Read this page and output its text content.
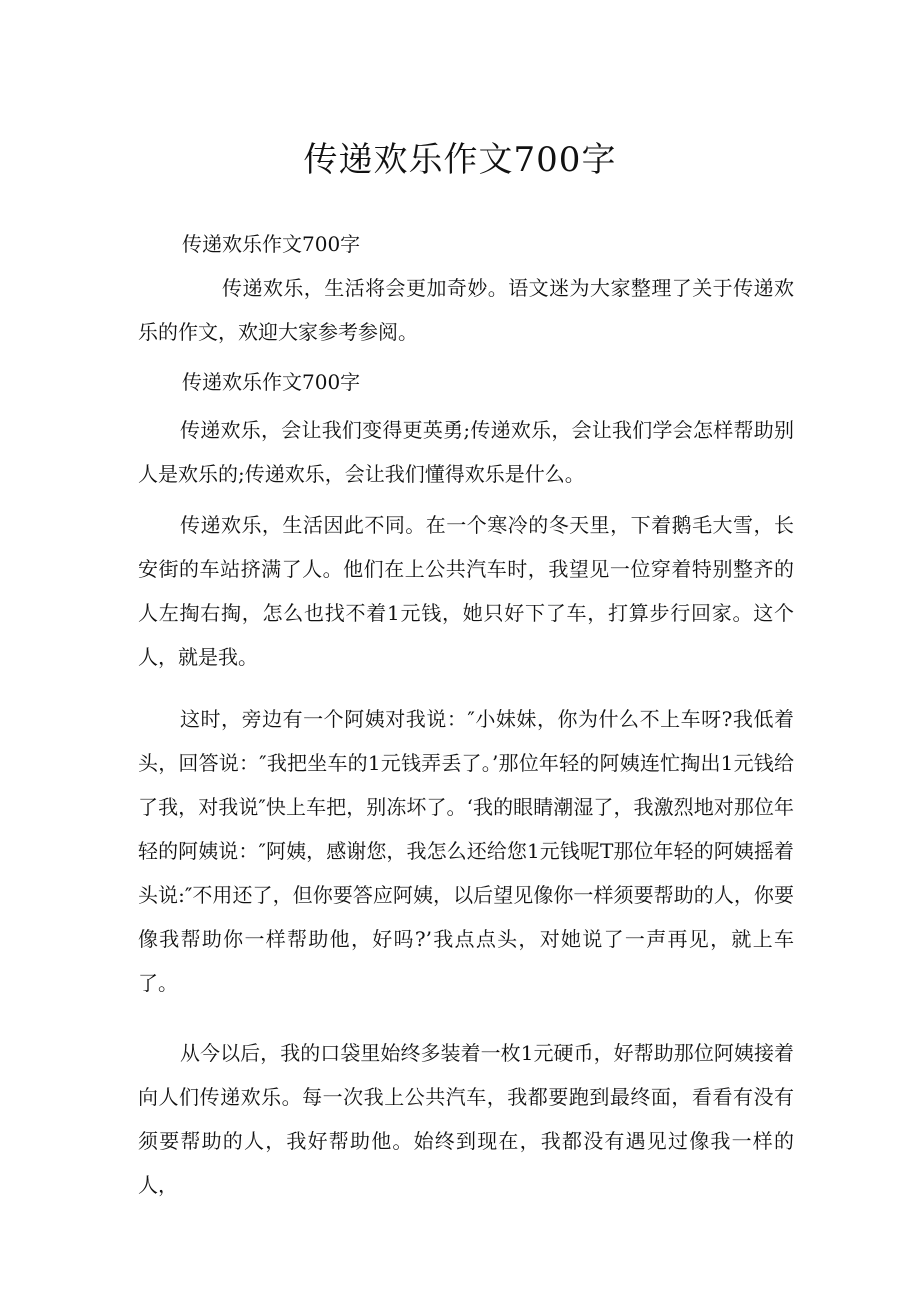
传递欢乐作文700字

传递欢乐作文700字

传递欢乐，生活将会更加奇妙。语文迷为大家整理了关于传递欢乐的作文，欢迎大家参考参阅。

传递欢乐作文700字

传递欢乐，会让我们变得更英勇;传递欢乐，会让我们学会怎样帮助别人是欢乐的;传递欢乐，会让我们懂得欢乐是什么。

传递欢乐，生活因此不同。在一个寒冷的冬天里，下着鹅毛大雪，长安街的车站挤满了人。他们在上公共汽车时，我望见一位穿着特别整齐的人左掏右掏，怎么也找不着1元钱，她只好下了车，打算步行回家。这个人，就是我。

这时，旁边有一个阿姨对我说：″小妹妹，你为什么不上车呀?我低着头，回答说：″我把坐车的1元钱弄丢了。’那位年轻的阿姨连忙掏出1元钱给了我，对我说″快上车把，别冻坏了。‘我的眼睛潮湿了，我激烈地对那位年轻的阿姨说：″阿姨，感谢您，我怎么还给您1元钱呢T那位年轻的阿姨摇着头说:″不用还了，但你要答应阿姨，以后望见像你一样须要帮助的人，你要像我帮助你一样帮助他，好吗?’我点点头，对她说了一声再见，就上车了。

从今以后，我的口袋里始终多装着一枚1元硬币，好帮助那位阿姨接着向人们传递欢乐。每一次我上公共汽车，我都要跑到最终面，看看有没有须要帮助的人，我好帮助他。始终到现在，我都没有遇见过像我一样的人，
